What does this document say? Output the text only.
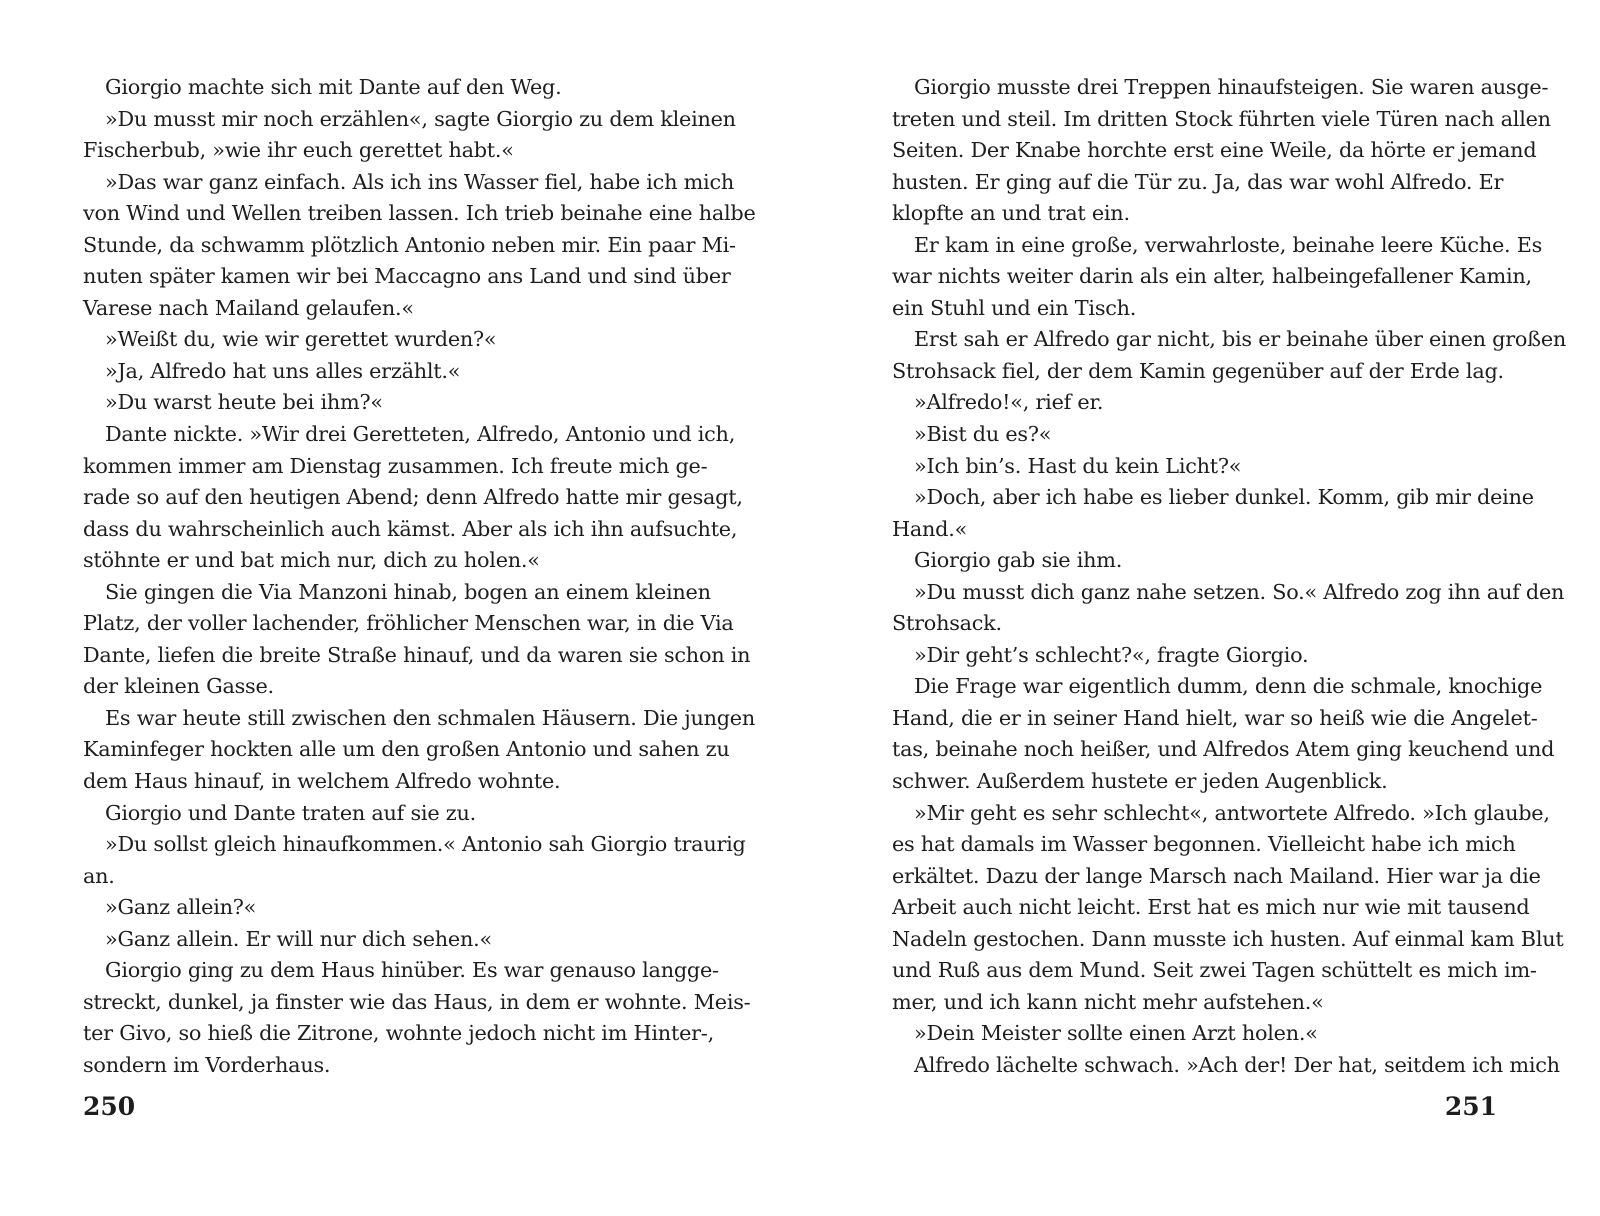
Giorgio machte sich mit Dante auf den Weg.
»Du musst mir noch erzählen«, sagte Giorgio zu dem kleinen
Fischerbub, »wie ihr euch gerettet habt.«
»Das war ganz einfach. Als ich ins Wasser fiel, habe ich mich
von Wind und Wellen treiben lassen. Ich trieb beinahe eine halbe
Stunde, da schwamm plötzlich Antonio neben mir. Ein paar Mi-
nuten später kamen wir bei Maccagno ans Land und sind über
Varese nach Mailand gelaufen.«
»Weißt du, wie wir gerettet wurden?«
»Ja, Alfredo hat uns alles erzählt.«
»Du warst heute bei ihm?«
Dante nickte. »Wir drei Geretteten, Alfredo, Antonio und ich,
kommen immer am Dienstag zusammen. Ich freute mich ge-
rade so auf den heutigen Abend; denn Alfredo hatte mir gesagt,
dass du wahrscheinlich auch kämst. Aber als ich ihn aufsuchte,
stöhnte er und bat mich nur, dich zu holen.«
Sie gingen die Via Manzoni hinab, bogen an einem kleinen
Platz, der voller lachender, fröhlicher Menschen war, in die Via
Dante, liefen die breite Straße hinauf, und da waren sie schon in
der kleinen Gasse.
Es war heute still zwischen den schmalen Häusern. Die jungen
Kaminfeger hockten alle um den großen Antonio und sahen zu
dem Haus hinauf, in welchem Alfredo wohnte.
Giorgio und Dante traten auf sie zu.
»Du sollst gleich hinaufkommen.« Antonio sah Giorgio traurig
an.
»Ganz allein?«
»Ganz allein. Er will nur dich sehen.«
Giorgio ging zu dem Haus hinüber. Es war genauso langge-
streckt, dunkel, ja finster wie das Haus, in dem er wohnte. Meis-
ter Givo, so hieß die Zitrone, wohnte jedoch nicht im Hinter-,
sondern im Vorderhaus.
Giorgio musste drei Treppen hinaufsteigen. Sie waren ausge-
treten und steil. Im dritten Stock führten viele Türen nach allen
Seiten. Der Knabe horchte erst eine Weile, da hörte er jemand
husten. Er ging auf die Tür zu. Ja, das war wohl Alfredo. Er
klopfte an und trat ein.
Er kam in eine große, verwahrloste, beinahe leere Küche. Es
war nichts weiter darin als ein alter, halbeingefallener Kamin,
ein Stuhl und ein Tisch.
Erst sah er Alfredo gar nicht, bis er beinahe über einen großen
Strohsack fiel, der dem Kamin gegenüber auf der Erde lag.
»Alfredo!«, rief er.
»Bist du es?«
»Ich bin’s. Hast du kein Licht?«
»Doch, aber ich habe es lieber dunkel. Komm, gib mir deine
Hand.«
Giorgio gab sie ihm.
»Du musst dich ganz nahe setzen. So.« Alfredo zog ihn auf den
Strohsack.
»Dir geht’s schlecht?«, fragte Giorgio.
Die Frage war eigentlich dumm, denn die schmale, knochige
Hand, die er in seiner Hand hielt, war so heiß wie die Angelet-
tas, beinahe noch heißer, und Alfredos Atem ging keuchend und
schwer. Außerdem hustete er jeden Augenblick.
»Mir geht es sehr schlecht«, antwortete Alfredo. »Ich glaube,
es hat damals im Wasser begonnen. Vielleicht habe ich mich
erkältet. Dazu der lange Marsch nach Mailand. Hier war ja die
Arbeit auch nicht leicht. Erst hat es mich nur wie mit tausend
Nadeln gestochen. Dann musste ich husten. Auf einmal kam Blut
und Ruß aus dem Mund. Seit zwei Tagen schüttelt es mich im-
mer, und ich kann nicht mehr aufstehen.«
»Dein Meister sollte einen Arzt holen.«
Alfredo lächelte schwach. »Ach der! Der hat, seitdem ich mich
250	251
